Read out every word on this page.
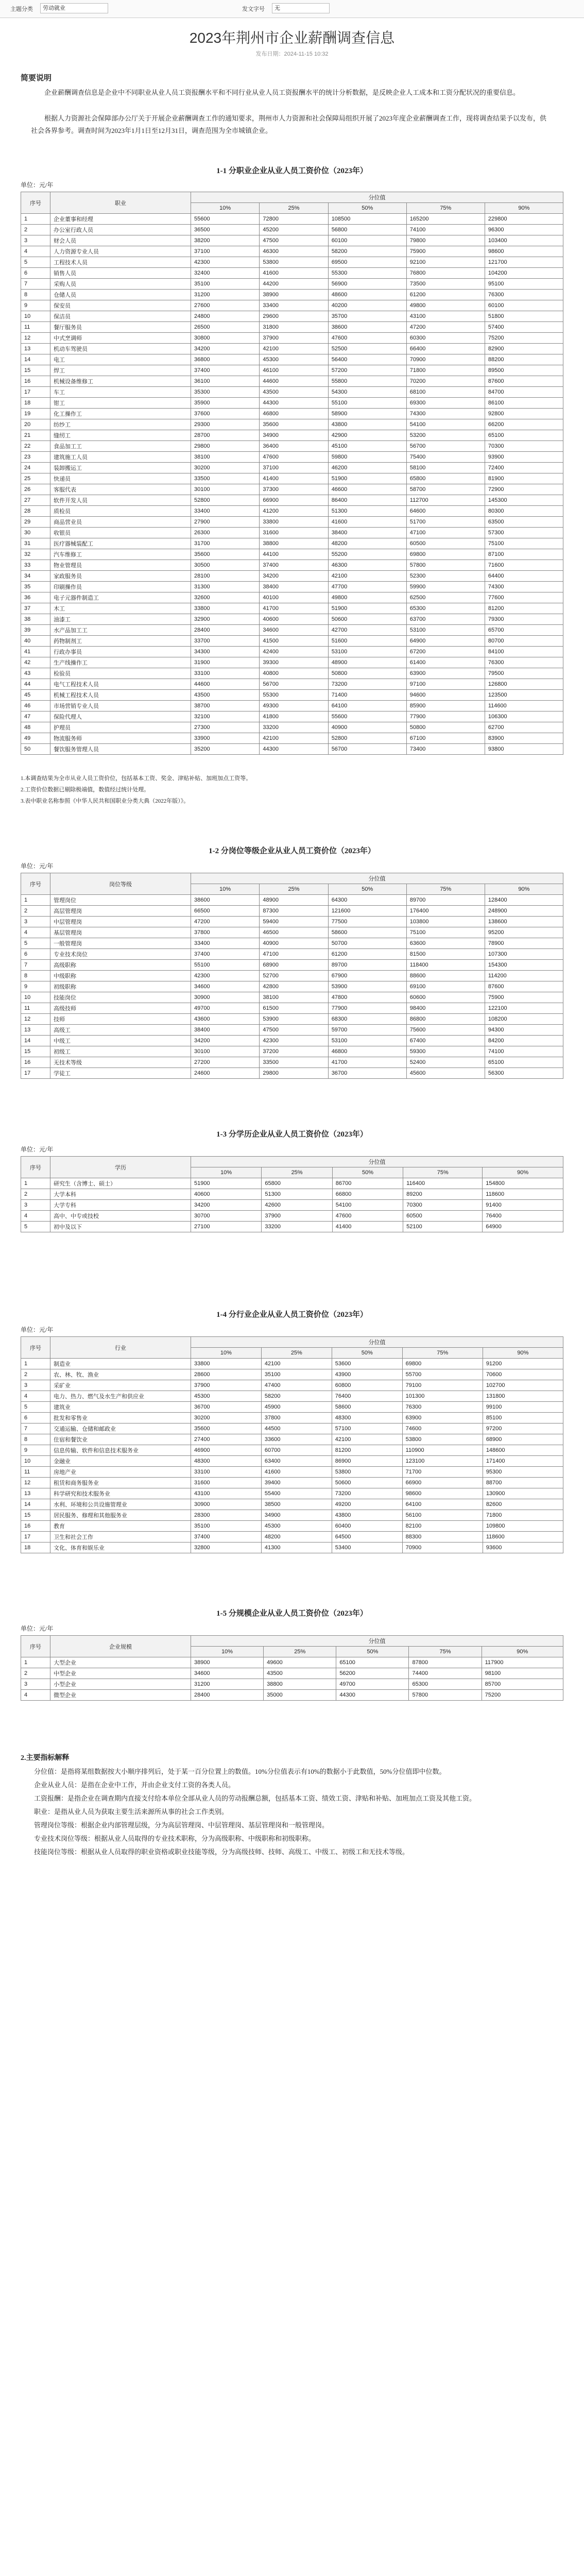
主题分类	劳动就业	发文字号	无
2023年荆州市企业薪酬调查信息
发布日期：2024-11-15 10:32
简要说明
企业薪酬调查信息是企业中不同职业从业人员工资报酬水平和不同行业从业人员工资报酬水平的统计分析数据，是反映企业人工成本和工资分配状况的重要信息。
根据人力资源社会保障部办公厅关于开展企业薪酬调查工作的通知要求，荆州市人力资源和社会保障局组织开展了2023年度企业薪酬调查工作，现将调查结果予以发布，供社会各界参考。调查时间为2023年1月1日至12月31日，调查范围为全市城镇企业。
1-1 分职业企业从业人员工资价位（2023年）
单位：元/年
序号	职业	分位值				
		10%	25%	50%	75%	90%
1	企业董事和经理	55600	72800	108500	165200	229800
2	办公室行政人员	36500	45200	56800	74100	96300
3	财会人员	38200	47500	60100	79800	103400
4	人力资源专业人员	37100	46300	58200	75900	98600
5	工程技术人员	42300	53800	69500	92100	121700
6	销售人员	32400	41600	55300	76800	104200
7	采购人员	35100	44200	56900	73500	95100
8	仓储人员	31200	38900	48600	61200	76300
9	保安员	27600	33400	40200	49800	60100
10	保洁员	24800	29600	35700	43100	51800
11	餐厅服务员	26500	31800	38600	47200	57400
12	中式烹调师	30800	37900	47600	60300	75200
13	机动车驾驶员	34200	42100	52500	66400	82900
14	电工	36800	45300	56400	70900	88200
15	焊工	37400	46100	57200	71800	89500
16	机械设备维修工	36100	44600	55800	70200	87600
17	车工	35300	43500	54300	68100	84700
18	钳工	35900	44300	55100	69300	86100
19	化工操作工	37600	46800	58900	74300	92800
20	纺纱工	29300	35600	43800	54100	66200
21	缝纫工	28700	34900	42900	53200	65100
22	食品加工工	29800	36400	45100	56700	70300
23	建筑施工人员	38100	47600	59800	75400	93900
24	装卸搬运工	30200	37100	46200	58100	72400
25	快递员	33500	41400	51900	65800	81900
26	客服代表	30100	37300	46600	58700	72900
27	软件开发人员	52800	66900	86400	112700	145300
28	质检员	33400	41200	51300	64600	80300
29	商品营业员	27900	33800	41600	51700	63500
30	收银员	26300	31600	38400	47100	57300
31	医疗器械装配工	31700	38800	48200	60500	75100
32	汽车维修工	35600	44100	55200	69800	87100
33	物业管理员	30500	37400	46300	57800	71600
34	家政服务员	28100	34200	42100	52300	64400
35	印刷操作员	31300	38400	47700	59900	74300
36	电子元器件制造工	32600	40100	49800	62500	77600
37	木工	33800	41700	51900	65300	81200
38	油漆工	32900	40600	50600	63700	79300
39	水产品加工工	28400	34600	42700	53100	65700
40	药物制剂工	33700	41500	51600	64900	80700
41	行政办事员	34300	42400	53100	67200	84100
42	生产线操作工	31900	39300	48900	61400	76300
43	检验员	33100	40800	50800	63900	79500
44	电气工程技术人员	44600	56700	73200	97100	126800
45	机械工程技术人员	43500	55300	71400	94600	123500
46	市场营销专业人员	38700	49300	64100	85900	114600
47	保险代理人	32100	41800	55600	77900	106300
48	护理员	27300	33200	40900	50800	62700
49	物流服务师	33900	42100	52800	67100	83900
50	餐饮服务管理人员	35200	44300	56700	73400	93800
1.本调查结果为全市从业人员工资价位，包括基本工资、奖金、津贴补贴、加班加点工资等。
2.工资价位数据已剔除极端值，数值经过统计处理。
3.表中职业名称参照《中华人民共和国职业分类大典（2022年版）》。
1-2 分岗位等级企业从业人员工资价位（2023年）
单位：元/年
序号	岗位等级	分位值				
		10%	25%	50%	75%	90%
1	管理岗位	38600	48900	64300	89700	128400
2	高层管理岗	66500	87300	121600	176400	248900
3	中层管理岗	47200	59400	77500	103800	138600
4	基层管理岗	37800	46500	58600	75100	95200
5	一般管理岗	33400	40900	50700	63600	78900
6	专业技术岗位	37400	47100	61200	81500	107300
7	高级职称	55100	68900	89700	118400	154300
8	中级职称	42300	52700	67900	88600	114200
9	初级职称	34600	42800	53900	69100	87600
10	技能岗位	30900	38100	47800	60600	75900
11	高级技师	49700	61500	77900	98400	122100
12	技师	43600	53900	68300	86800	108200
13	高级工	38400	47500	59700	75600	94300
14	中级工	34200	42300	53100	67400	84200
15	初级工	30100	37200	46800	59300	74100
16	无技术等级	27200	33500	41700	52400	65100
17	学徒工	24600	29800	36700	45600	56300
1-3 分学历企业从业人员工资价位（2023年）
单位：元/年
序号	学历	分位值				
		10%	25%	50%	75%	90%
1	研究生（含博士、硕士）	51900	65800	86700	116400	154800
2	大学本科	40600	51300	66800	89200	118600
3	大学专科	34200	42600	54100	70300	91400
4	高中、中专或技校	30700	37900	47600	60500	76400
5	初中及以下	27100	33200	41400	52100	64900
1-4 分行业企业从业人员工资价位（2023年）
单位：元/年
序号	行业	分位值				
		10%	25%	50%	75%	90%
1	制造业	33800	42100	53600	69800	91200
2	农、林、牧、渔业	28600	35100	43900	55700	70600
3	采矿业	37900	47400	60800	79100	102700
4	电力、热力、燃气及水生产和供应业	45300	58200	76400	101300	131800
5	建筑业	36700	45900	58600	76300	99100
6	批发和零售业	30200	37800	48300	63900	85100
7	交通运输、仓储和邮政业	35600	44500	57100	74600	97200
8	住宿和餐饮业	27400	33600	42100	53800	68900
9	信息传输、软件和信息技术服务业	46900	60700	81200	110900	148600
10	金融业	48300	63400	86900	123100	171400
11	房地产业	33100	41600	53800	71700	95300
12	租赁和商务服务业	31600	39400	50600	66900	88700
13	科学研究和技术服务业	43100	55400	73200	98600	130900
14	水利、环境和公共设施管理业	30900	38500	49200	64100	82600
15	居民服务、修理和其他服务业	28300	34900	43800	56100	71800
16	教育	35100	45300	60400	82100	109800
17	卫生和社会工作	37400	48200	64500	88300	118600
18	文化、体育和娱乐业	32800	41300	53400	70900	93600
1-5 分规模企业从业人员工资价位（2023年）
单位：元/年
序号	企业规模	分位值				
		10%	25%	50%	75%	90%
1	大型企业	38900	49600	65100	87800	117900
2	中型企业	34600	43500	56200	74400	98100
3	小型企业	31200	38800	49700	65300	85700
4	微型企业	28400	35000	44300	57800	75200
2.主要指标解释
分位值：是指将某组数据按大小顺序排列后，处于某一百分位置上的数值。10%分位值表示有10%的数据小于此数值，50%分位值即中位数。
企业从业人员：是指在企业中工作，并由企业支付工资的各类人员。
工资报酬：是指企业在调查期内直接支付给本单位全部从业人员的劳动报酬总额，包括基本工资、绩效工资、津贴和补贴、加班加点工资及其他工资。
职业：是指从业人员为获取主要生活来源所从事的社会工作类别。
管理岗位等级：根据企业内部管理层级，分为高层管理岗、中层管理岗、基层管理岗和一般管理岗。
专业技术岗位等级：根据从业人员取得的专业技术职称，分为高级职称、中级职称和初级职称。
技能岗位等级：根据从业人员取得的职业资格或职业技能等级，分为高级技师、技师、高级工、中级工、初级工和无技术等级。
